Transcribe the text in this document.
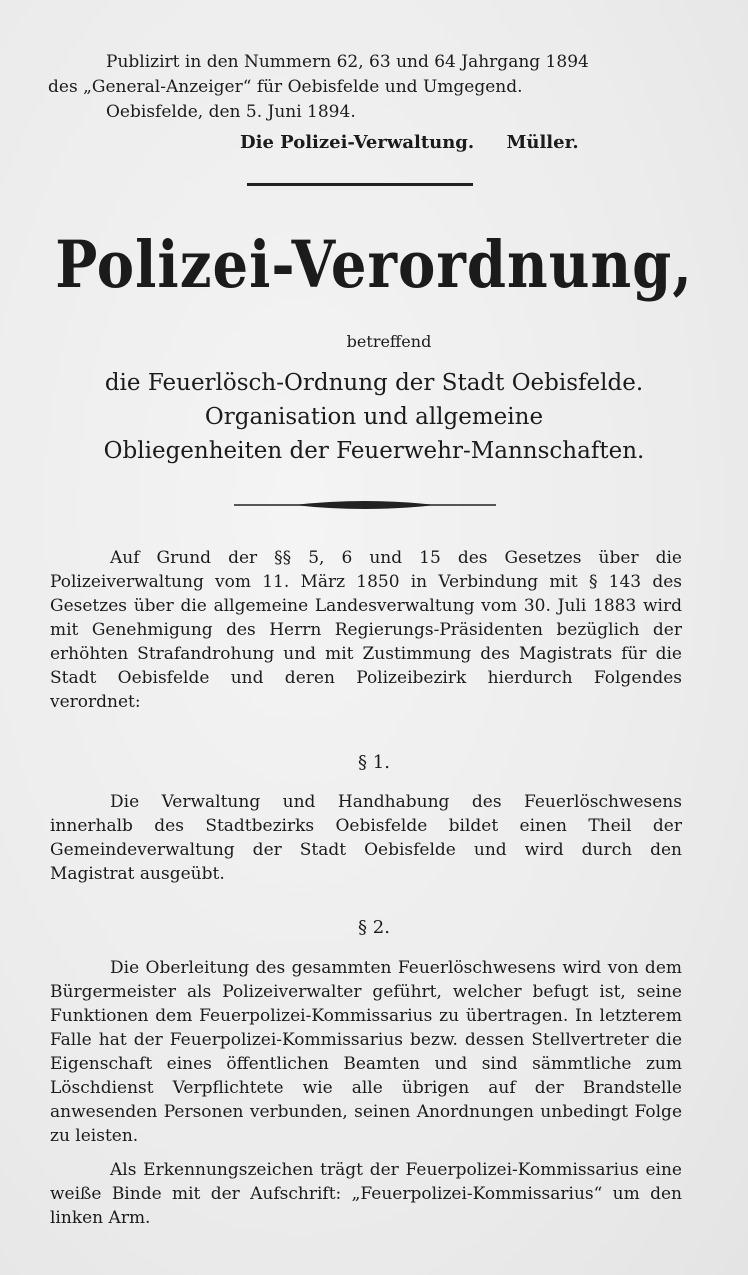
Publizirt in den Nummern 62, 63 und 64 Jahrgang 1894
des „General-Anzeiger“ für Oebisfelde und Umgegend.
Oebisfelde, den 5. Juni 1894.
Die Polizei-Verwaltung. Müller.
Polizei-Verordnung,
betreffend
die Feuerlösch-Ordnung der Stadt Oebisfelde.
Organisation und allgemeine
Obliegenheiten der Feuerwehr-Mannschaften.
Auf Grund der §§ 5, 6 und 15 des Gesetzes über die Polizeiverwaltung vom 11. März 1850 in Verbindung mit § 143 des Gesetzes über die allgemeine Landesverwaltung vom 30. Juli 1883 wird mit Genehmigung des Herrn Regierungs-Präsidenten bezüglich der erhöhten Strafandrohung und mit Zustimmung des Magistrats für die Stadt Oebisfelde und deren Polizeibezirk hierdurch Folgendes verordnet:
§ 1.
Die Verwaltung und Handhabung des Feuerlöschwesens innerhalb des Stadtbezirks Oebisfelde bildet einen Theil der Gemeindeverwaltung der Stadt Oebisfelde und wird durch den Magistrat ausgeübt.
§ 2.
Die Oberleitung des gesammten Feuerlöschwesens wird von dem Bürgermeister als Polizeiverwalter geführt, welcher befugt ist, seine Funktionen dem Feuerpolizei-Kommissarius zu übertragen. In letzterem Falle hat der Feuerpolizei-Kommissarius bezw. dessen Stellvertreter die Eigenschaft eines öffentlichen Beamten und sind sämmtliche zum Löschdienst Verpflichtete wie alle übrigen auf der Brandstelle anwesenden Personen verbunden, seinen Anordnungen unbedingt Folge zu leisten.
Als Erkennungszeichen trägt der Feuerpolizei-Kommissarius eine weiße Binde mit der Aufschrift: „Feuerpolizei-Kommissarius“ um den linken Arm.
